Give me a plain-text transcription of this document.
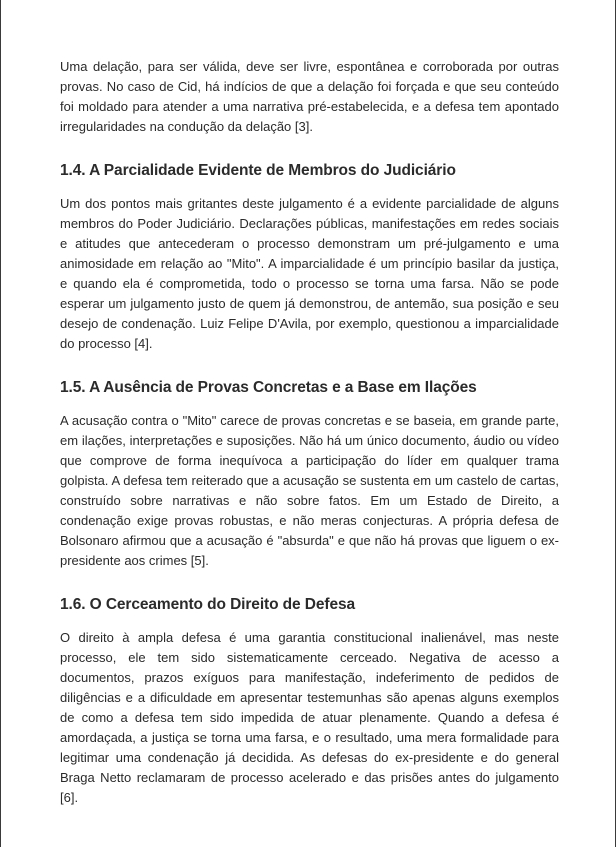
Uma delação, para ser válida, deve ser livre, espontânea e corroborada por outras provas. No caso de Cid, há indícios de que a delação foi forçada e que seu conteúdo foi moldado para atender a uma narrativa pré-estabelecida, e a defesa tem apontado irregularidades na condução da delação [3].

1.4. A Parcialidade Evidente de Membros do Judiciário

Um dos pontos mais gritantes deste julgamento é a evidente parcialidade de alguns membros do Poder Judiciário. Declarações públicas, manifestações em redes sociais e atitudes que antecederam o processo demonstram um pré-julgamento e uma animosidade em relação ao "Mito". A imparcialidade é um princípio basilar da justiça, e quando ela é comprometida, todo o processo se torna uma farsa. Não se pode esperar um julgamento justo de quem já demonstrou, de antemão, sua posição e seu desejo de condenação. Luiz Felipe D'Avila, por exemplo, questionou a imparcialidade do processo [4].

1.5. A Ausência de Provas Concretas e a Base em Ilações

A acusação contra o "Mito" carece de provas concretas e se baseia, em grande parte, em ilações, interpretações e suposições. Não há um único documento, áudio ou vídeo que comprove de forma inequívoca a participação do líder em qualquer trama golpista. A defesa tem reiterado que a acusação se sustenta em um castelo de cartas, construído sobre narrativas e não sobre fatos. Em um Estado de Direito, a condenação exige provas robustas, e não meras conjecturas. A própria defesa de Bolsonaro afirmou que a acusação é "absurda" e que não há provas que liguem o ex-presidente aos crimes [5].

1.6. O Cerceamento do Direito de Defesa

O direito à ampla defesa é uma garantia constitucional inalienável, mas neste processo, ele tem sido sistematicamente cerceado. Negativa de acesso a documentos, prazos exíguos para manifestação, indeferimento de pedidos de diligências e a dificuldade em apresentar testemunhas são apenas alguns exemplos de como a defesa tem sido impedida de atuar plenamente. Quando a defesa é amordaçada, a justiça se torna uma farsa, e o resultado, uma mera formalidade para legitimar uma condenação já decidida. As defesas do ex-presidente e do general Braga Netto reclamaram de processo acelerado e das prisões antes do julgamento [6].
